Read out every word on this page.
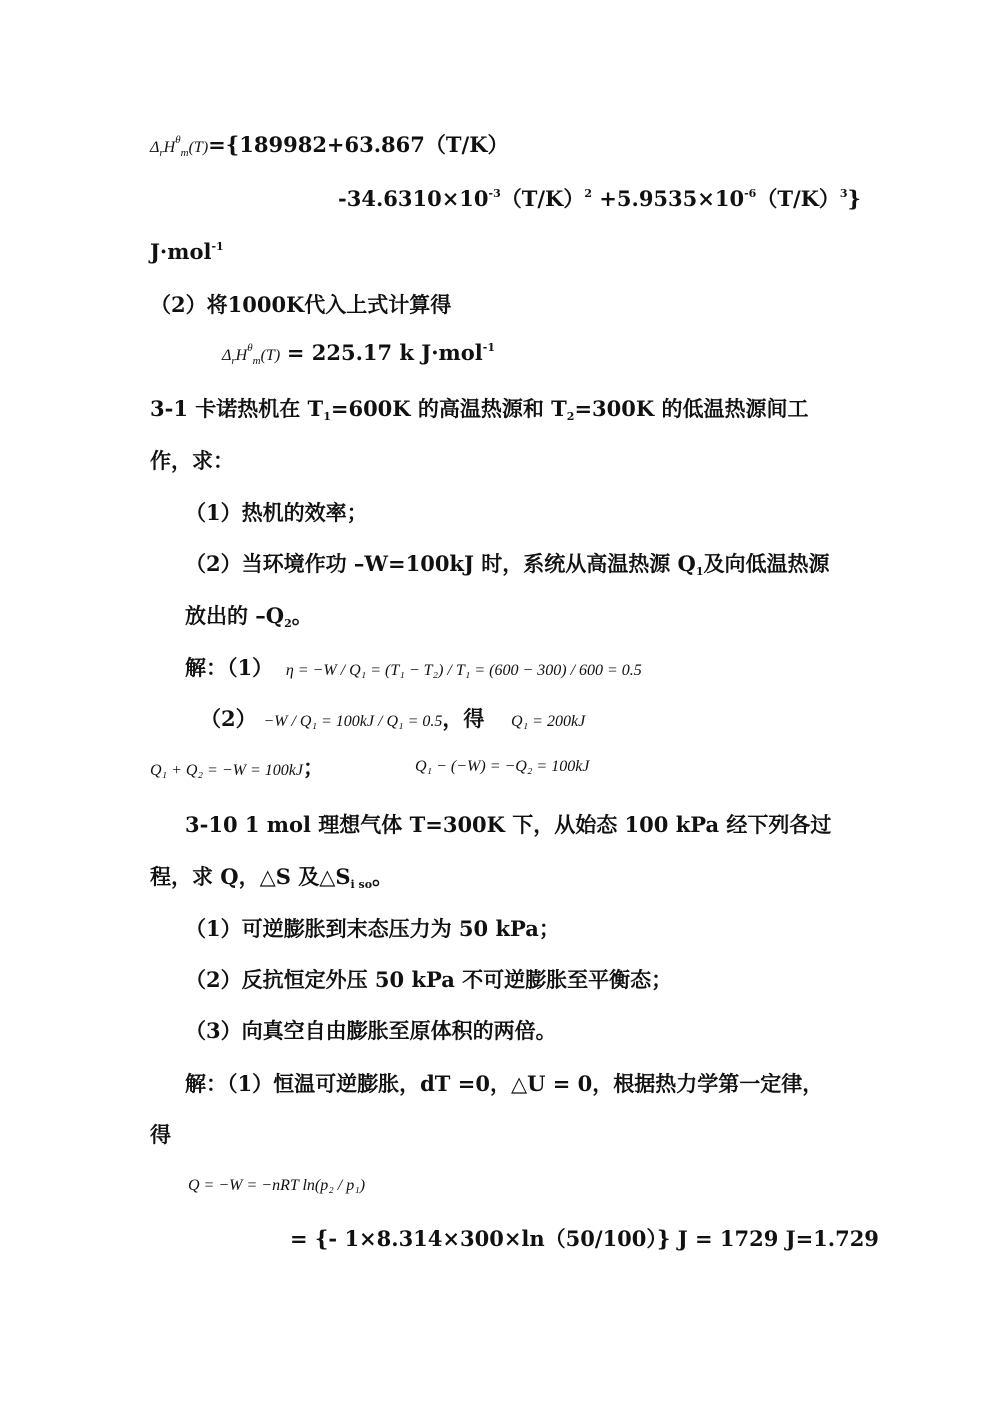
$\Delta_rH^\theta_m(T)=\{189982+63.867(T/K)$
$-34.6310\times 10^{-3}(T/K)^2 +5.9535\times 10^{-6}(T/K)^3$}
J·mol$^{-1}$
（2）将1000K代入上式计算得
$\Delta_rH^\theta_m(T) = 225.17$ k J·mol$^{-1}$
3-1 卡诺热机在 $T_1=600K$ 的高温热源和 $T_2=300K$ 的低温热源间工
作，求：
（1）热机的效率；
（2）当环境作功 –W=100kJ 时，系统从高温热源 $Q_1$及向低温热源
放出的 $-Q_2$。
解：（1） η = −W / Q₁ = (T₁ − T₂) / T₁ = (600 − 300) / 600 = 0.5
（2） −W / Q₁ = 100kJ / Q₁ = 0.5，得 Q₁ = 200kJ
Q₁ + Q₂ = −W = 100kJ；	Q₁ − (−W) = −Q₂ = 100kJ
3-10 1 mol 理想气体 T=300K 下，从始态 100 kPa 经下列各过
程，求 Q，△S 及$\triangle S_{i so}$。
（1）可逆膨胀到末态压力为 50 kPa；
（2）反抗恒定外压 50 kPa 不可逆膨胀至平衡态；
（3）向真空自由膨胀至原体积的两倍。
解：（1）恒温可逆膨胀，dT =0，△U = 0，根据热力学第一定律，
得
Q = −W = −nRT ln(p₂ / p₁)
= {- 1×8.314×300×ln（50/100）} J = 1729 J=1.729
